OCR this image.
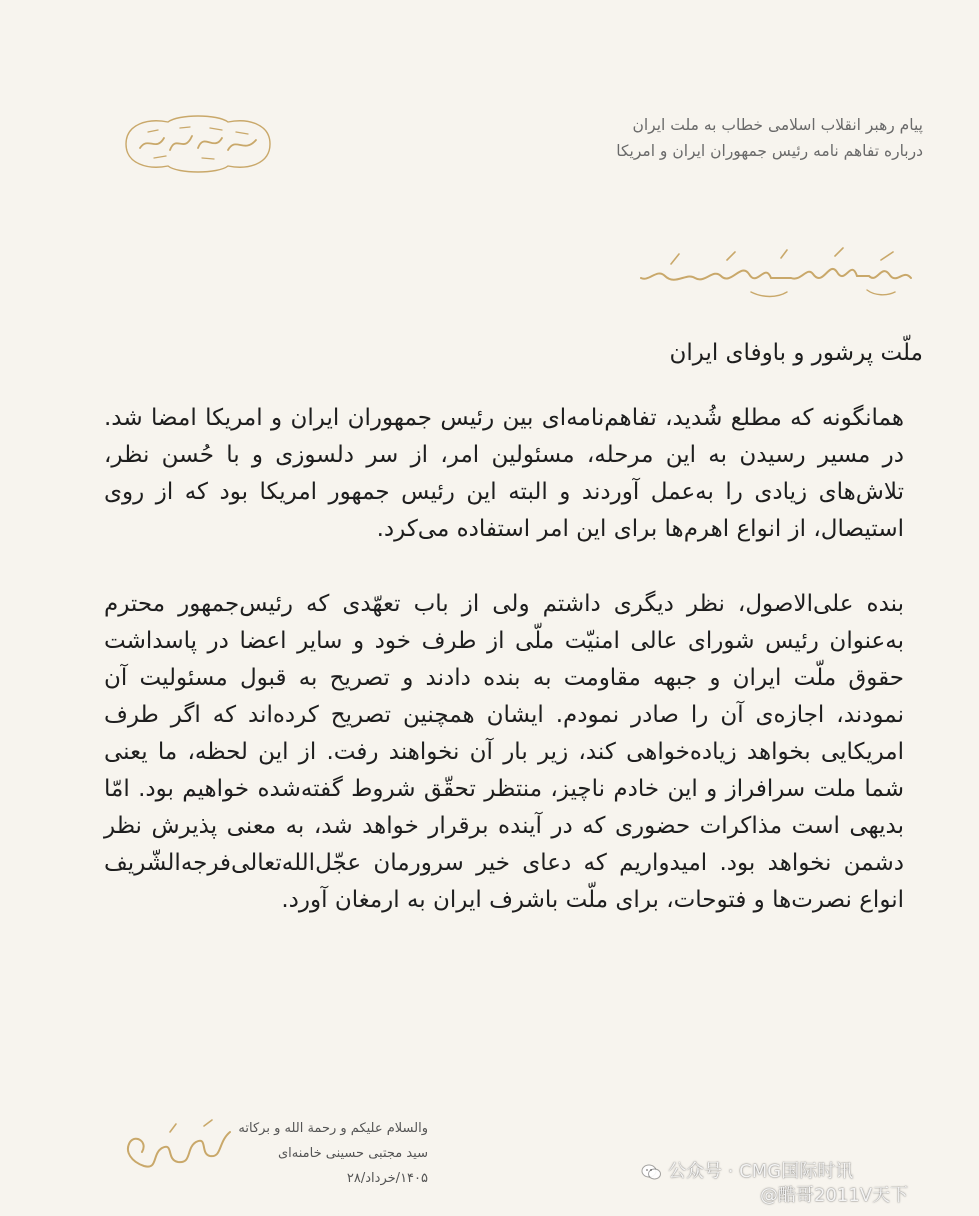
پیام رهبر انقلاب اسلامی خطاب به ملت ایران
درباره تفاهم نامه رئیس جمهوران ایران و امریکا
ملّت پرشور و باوفای ایران

همانگونه که مطلع شُدید، تفاهم‌نامه‌ای بین رئیس جمهوران ایران و امریکا امضا شد. در مسیر رسیدن به این مرحله، مسئولین امر، از سر دلسوزی و با حُسن نظر، تلاش‌های زیادی را به‌عمل آوردند و البته این رئیس جمهور امریکا بود که از روی استیصال، از انواع اهرم‌ها برای این امر استفاده می‌کرد.

بنده علی‌الاصول، نظر دیگری داشتم ولی از باب تعهّدی که رئیس‌جمهور محترم به‌عنوان رئیس شورای عالی امنیّت ملّی از طرف خود و سایر اعضا در پاسداشت حقوق ملّت ایران و جبهه مقاومت به بنده دادند و تصریح به قبول مسئولیت آن نمودند، اجازه‌ی آن را صادر نمودم. ایشان همچنین تصریح کرده‌اند که اگر طرف امریکایی بخواهد زیاده‌خواهی کند، زیر بار آن نخواهند رفت. از این لحظه، ما یعنی شما ملت سرافراز و این خادم ناچیز، منتظر تحقّق شروط گفته‌شده خواهیم بود. امّا بدیهی است مذاکرات حضوری که در آینده برقرار خواهد شد، به معنی پذیرش نظر دشمن نخواهد بود. امیدواریم که دعای خیر سرورمان عجّل‌الله‌تعالی‌فرجه‌الشّریف انواع نصرت‌ها و فتوحات، برای ملّت باشرف ایران به ارمغان آورد.

والسلام علیکم و رحمة الله و برکاته
سید مجتبی حسینی خامنه‌ای
۱۴۰۵/خرداد/۲۸	公众号 · CMG国际时讯
@酷哥2011V天下
